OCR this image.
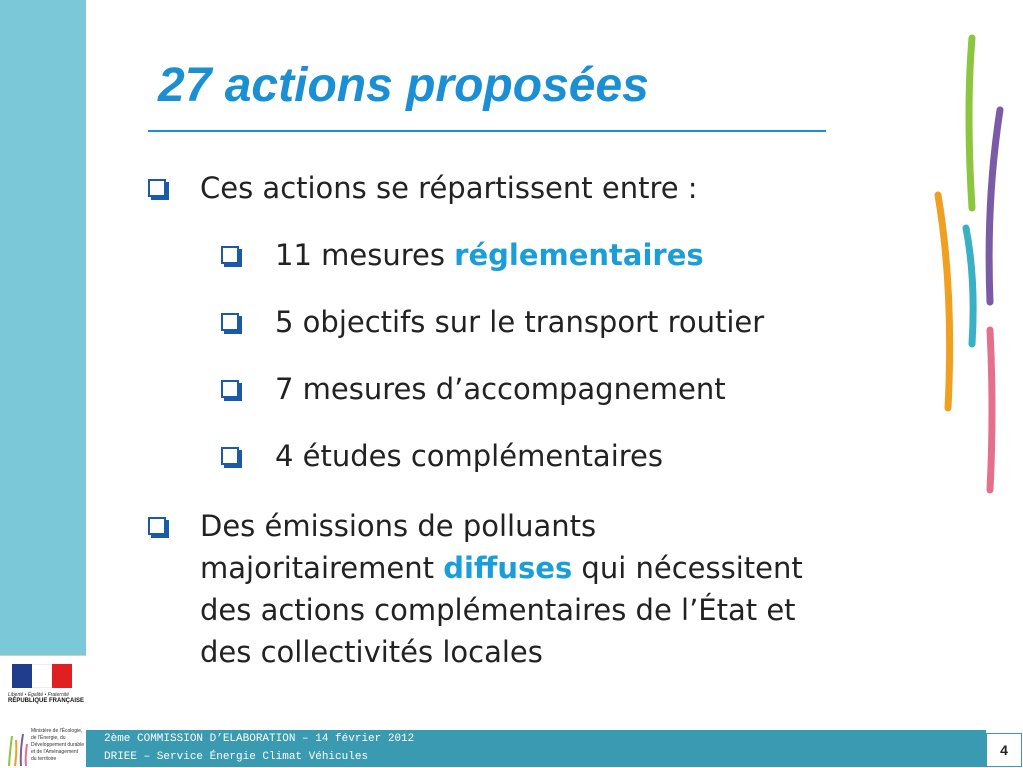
27 actions proposées
Ces actions se répartissent entre :
11 mesures réglementaires
5 objectifs sur le transport routier
7 mesures d’accompagnement
4 études complémentaires
Des émissions de polluants
majoritairement diffuses qui nécessitent
des actions complémentaires de l’État et
des collectivités locales
Liberté • Égalité • Fraternité
RÉPUBLIQUE FRANÇAISE
Ministère de l'Écologie, de l'Énergie, du Développement durable et de l'Aménagement du territoire
2ème COMMISSION D’ELABORATION – 14 février 2012
DRIEE – Service Énergie Climat Véhicules	4
